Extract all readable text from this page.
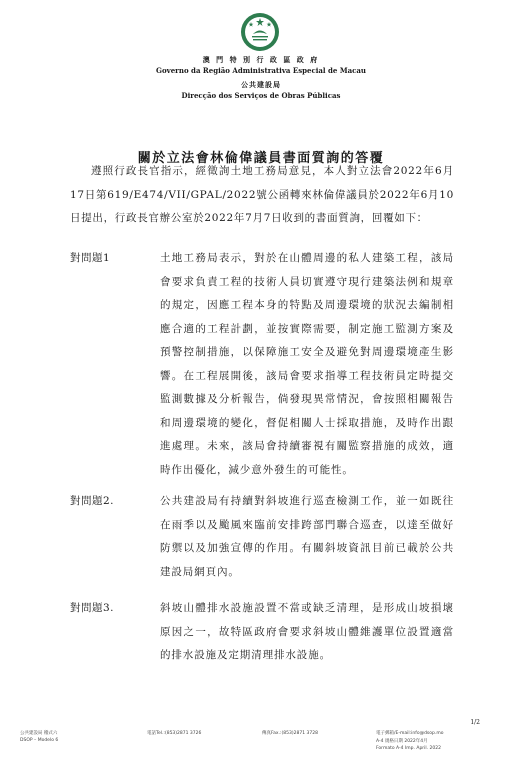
澳 門 特 別 行 政 區 政 府
Governo da Região Administrativa Especial de Macau
公共建設局
Direcção dos Serviços de Obras Públicas
關於立法會林倫偉議員書面質詢的答覆

遵照行政長官指示，經徵詢土地工務局意見，本人對立法會2022年6月17日第619/E474/VII/GPAL/2022號公函轉來林倫偉議員於2022年6月10日提出，行政長官辦公室於2022年7月7日收到的書面質詢，回覆如下：

對問題1	土地工務局表示，對於在山體周邊的私人建築工程，該局會要求負責工程的技術人員切實遵守現行建築法例和規章的規定，因應工程本身的特點及周邊環境的狀況去編制相應合適的工程計劃，並按實際需要，制定施工監測方案及預警控制措施，以保障施工安全及避免對周邊環境產生影響。在工程展開後，該局會要求指導工程技術員定時提交監測數據及分析報告，倘發現異常情況，會按照相關報告和周邊環境的變化，督促相關人士採取措施，及時作出跟進處理。未來，該局會持續審視有關監察措施的成效，適時作出優化，減少意外發生的可能性。
對問題2.	公共建設局有持續對斜坡進行巡查檢測工作，並一如既往在雨季以及颱風來臨前安排跨部門聯合巡查，以達至做好防禦以及加強宣傳的作用。有關斜坡資訊目前已載於公共建設局網頁內。
對問題3.	斜坡山體排水設施設置不當或缺乏清理，是形成山坡損壞原因之一，故特區政府會要求斜坡山體維護單位設置適當的排水設施及定期清理排水設施。
1/2
公共建設局 稽式六
DSOP – Modelo 6
電話Tel.:(853)2871 3726	傳真Fax.:(853)2871 3728	電子郵箱/E-mail:info@dsop.mo
A-4 規格日期 2022年4月
Formato A-4 Imp. April. 2022
